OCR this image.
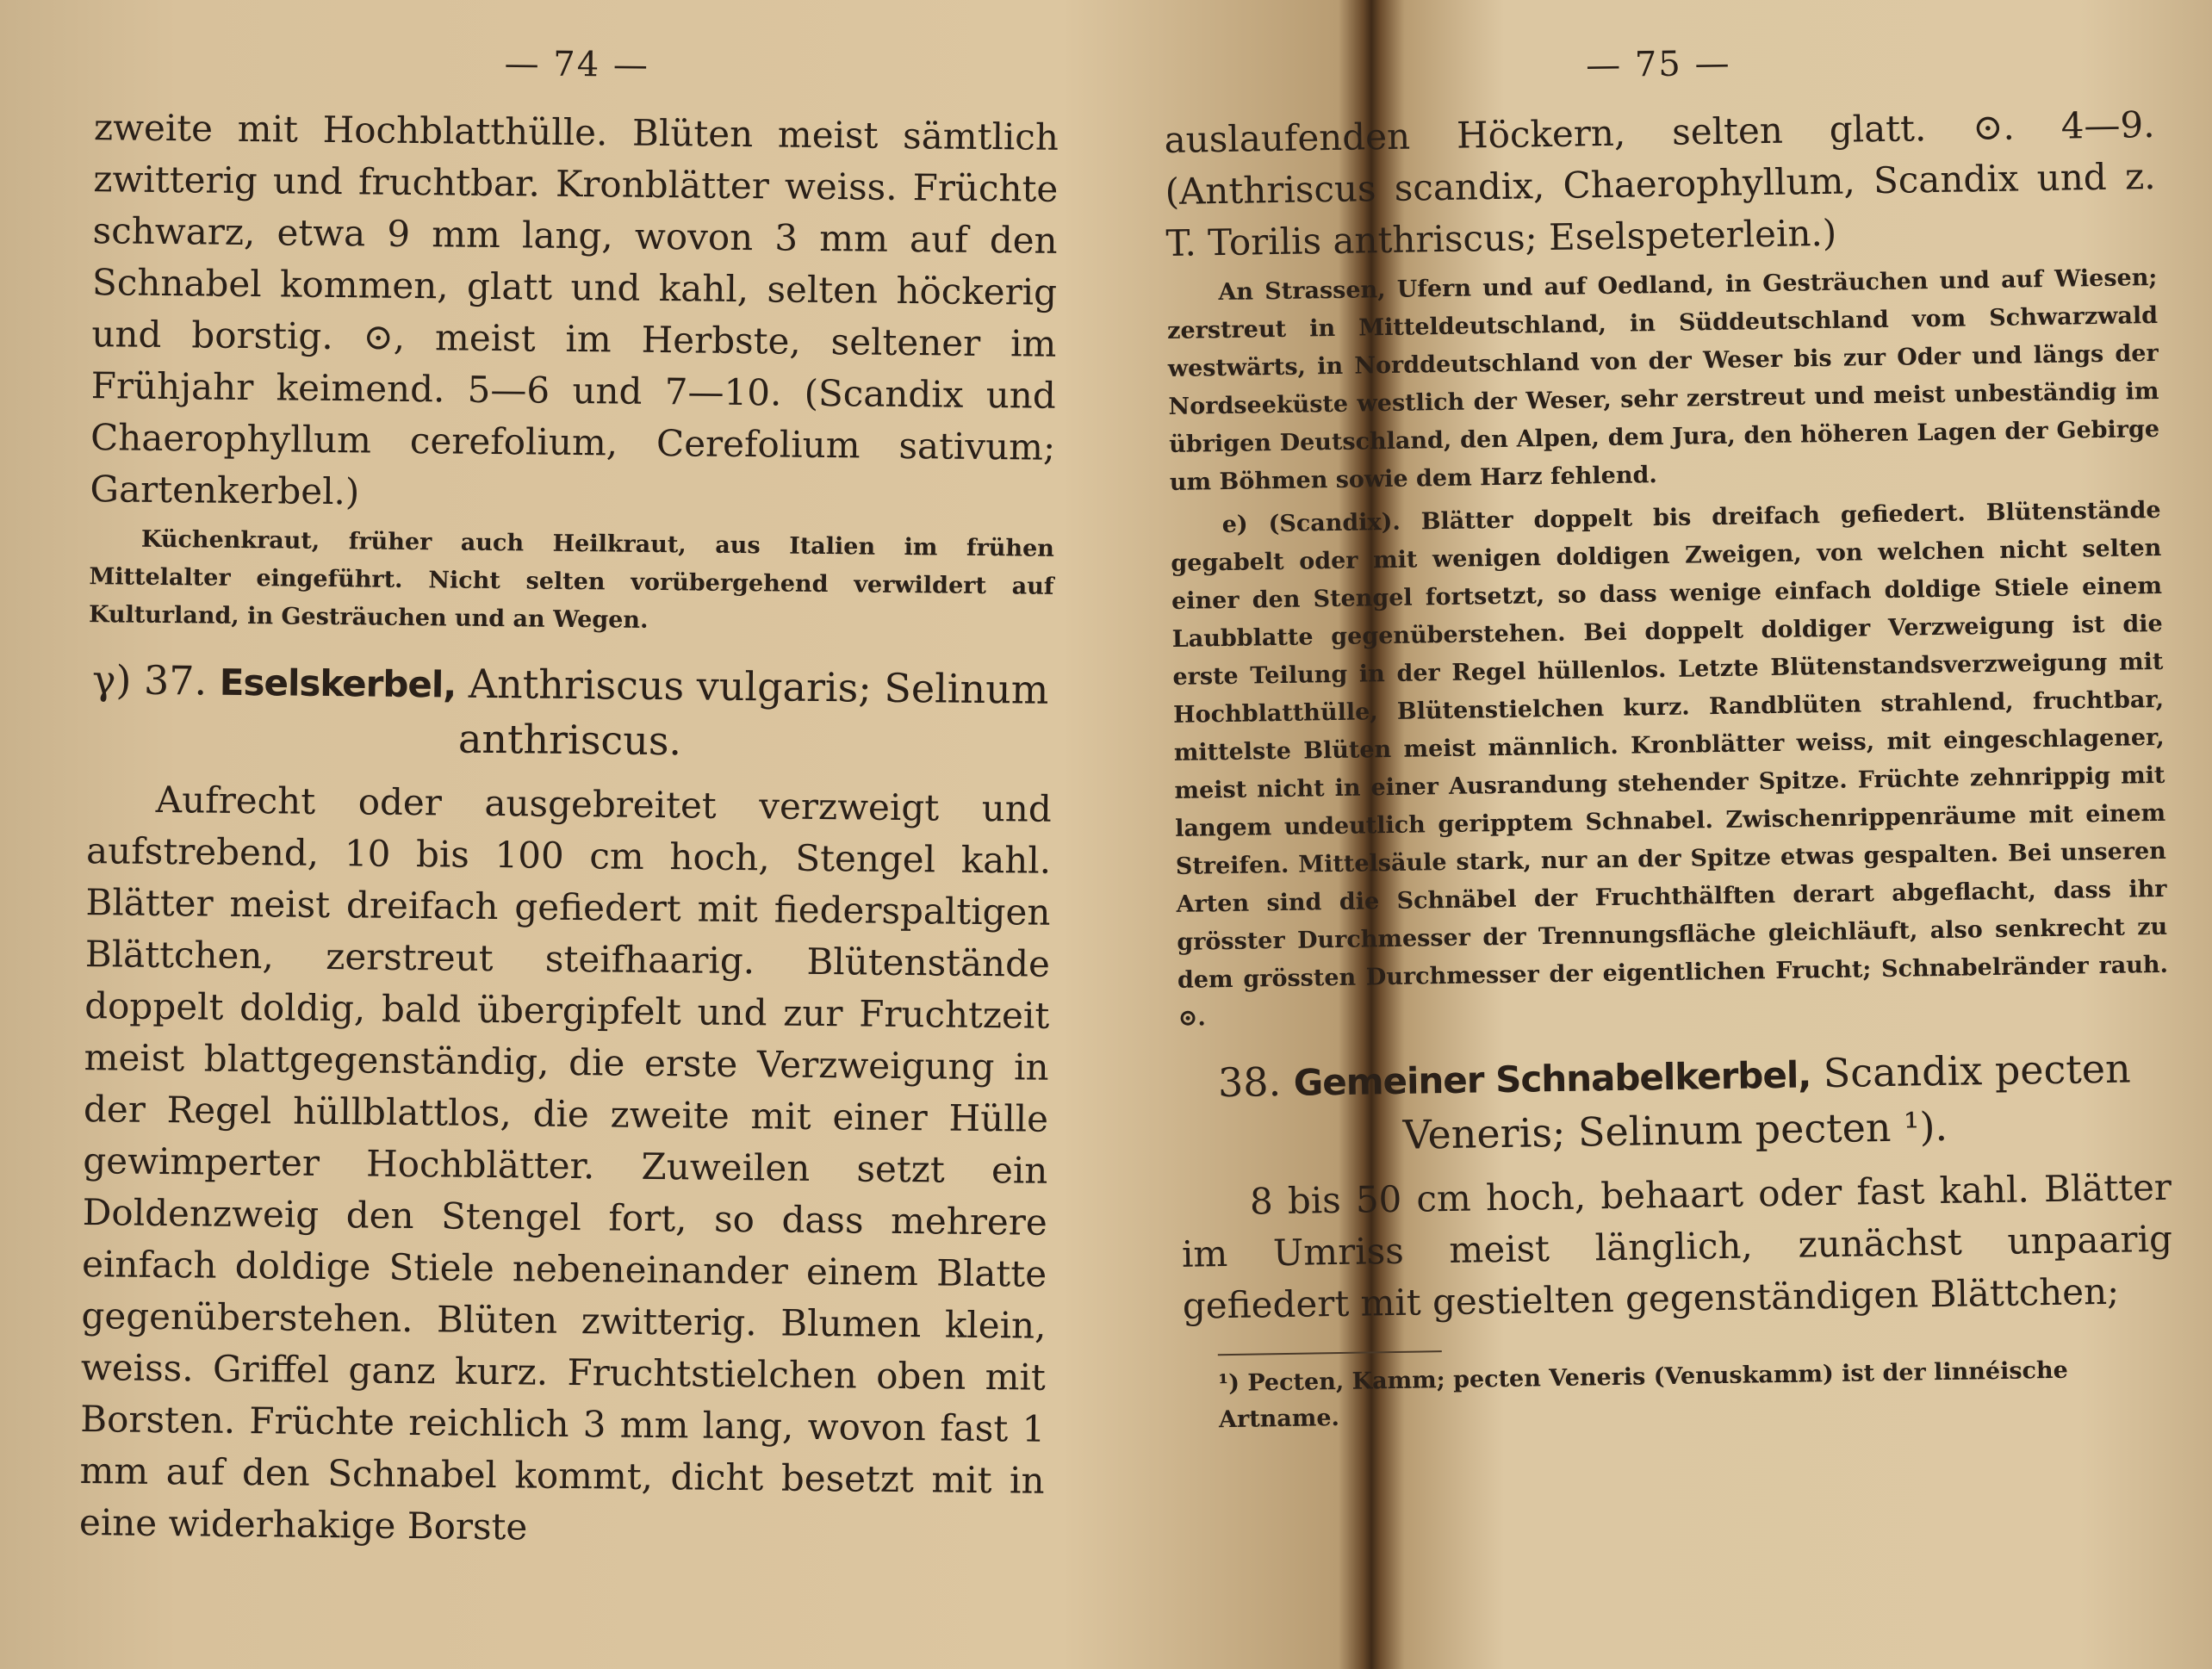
— 74 —

zweite mit Hochblatthülle. Blüten meist sämtlich zwitterig und fruchtbar. Kronblätter weiss. Früchte schwarz, etwa 9 mm lang, wovon 3 mm auf den Schnabel kommen, glatt und kahl, selten höckerig und borstig. ⊙, meist im Herbste, seltener im Frühjahr keimend. 5—6 und 7—10. (Scandix und Chaerophyllum cerefolium, Cerefolium sativum; Gartenkerbel.)

Küchenkraut, früher auch Heilkraut, aus Italien im frühen Mittelalter eingeführt. Nicht selten vorübergehend verwildert auf Kulturland, in Gesträuchen und an Wegen.
γ) 37. Eselskerbel, Anthriscus vulgaris; Selinum anthriscus.

Aufrecht oder ausgebreitet verzweigt und aufstrebend, 10 bis 100 cm hoch, Stengel kahl. Blätter meist dreifach gefiedert mit fiederspaltigen Blättchen, zerstreut steifhaarig. Blütenstände doppelt doldig, bald übergipfelt und zur Fruchtzeit meist blattgegenständig, die erste Verzweigung in der Regel hüllblattlos, die zweite mit einer Hülle gewimperter Hochblätter. Zuweilen setzt ein Doldenzweig den Stengel fort, so dass mehrere einfach doldige Stiele nebeneinander einem Blatte gegenüberstehen. Blüten zwitterig. Blumen klein, weiss. Griffel ganz kurz. Fruchtstielchen oben mit Borsten. Früchte reichlich 3 mm lang, wovon fast 1 mm auf den Schnabel kommt, dicht besetzt mit in eine widerhakige Borste

— 75 —

auslaufenden Höckern, selten glatt. ⊙. 4—9. (Anthriscus scandix, Chaerophyllum, Scandix und z. T. Torilis anthriscus; Eselspeterlein.)

An Strassen, Ufern und auf Oedland, in Gesträuchen und auf Wiesen; zerstreut in Mitteldeutschland, in Süddeutschland vom Schwarzwald westwärts, in Norddeutschland von der Weser bis zur Oder und längs der Nordseeküste westlich der Weser, sehr zerstreut und meist unbeständig im übrigen Deutschland, den Alpen, dem Jura, den höheren Lagen der Gebirge um Böhmen sowie dem Harz fehlend.
e) (Scandix). Blätter doppelt bis dreifach gefiedert. Blütenstände gegabelt oder mit wenigen doldigen Zweigen, von welchen nicht selten einer den Stengel fortsetzt, so dass wenige einfach doldige Stiele einem Laubblatte gegenüberstehen. Bei doppelt doldiger Verzweigung ist die erste Teilung in der Regel hüllenlos. Letzte Blütenstandsverzweigung mit Hochblatthülle, Blütenstielchen kurz. Randblüten strahlend, fruchtbar, mittelste Blüten meist männlich. Kronblätter weiss, mit eingeschlagener, meist nicht in einer Ausrandung stehender Spitze. Früchte zehnrippig mit langem undeutlich geripptem Schnabel. Zwischenrippenräume mit einem Streifen. Mittelsäule stark, nur an der Spitze etwas gespalten. Bei unseren Arten sind die Schnäbel der Fruchthälften derart abgeflacht, dass ihr grösster Durchmesser der Trennungsfläche gleichläuft, also senkrecht zu dem grössten Durchmesser der eigentlichen Frucht; Schnabelränder rauh. ⊙.
38. Gemeiner Schnabelkerbel, Scandix pecten Veneris; Selinum pecten ¹).

8 bis 50 cm hoch, behaart oder fast kahl. Blätter im Umriss meist länglich, zunächst unpaarig gefiedert mit gestielten gegenständigen Blättchen;

¹) Pecten, Kamm; pecten Veneris (Venuskamm) ist der linnéische Artname.
